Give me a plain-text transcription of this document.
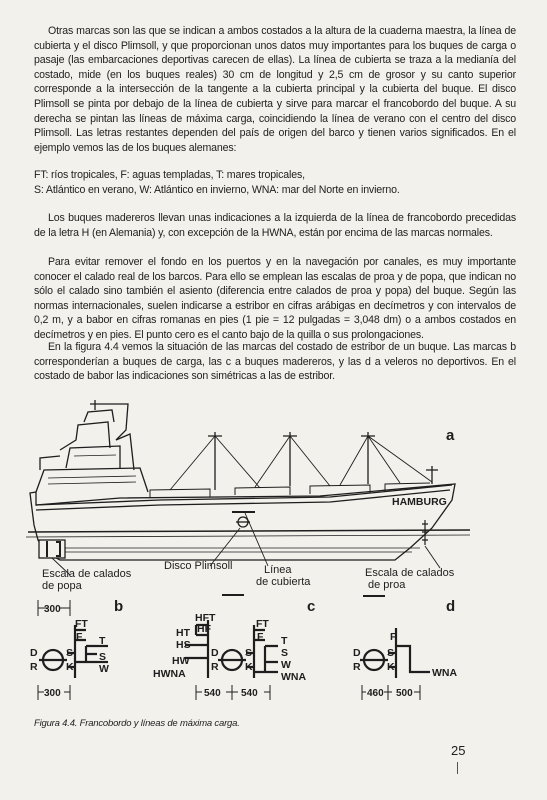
Otras marcas son las que se indican a ambos costados a la altura de la cuaderna maestra, la línea de cubierta y el disco Plimsoll, y que proporcionan unos datos muy importantes para los buques de carga o pasaje (las embarcaciones deportivas carecen de ellas). La línea de cubierta se traza a la medianía del costado, mide (en los buques reales) 30 cm de longitud y 2,5 cm de grosor y su canto superior corresponde a la intersección de la tangente a la cubierta principal y la cubierta del buque. El disco Plimsoll se pinta por debajo de la línea de cubierta y sirve para marcar el francobordo del buque. A su derecha se pintan las líneas de máxima carga, coincidiendo la línea de verano con el centro del disco Plimsoll. Las letras restantes dependen del país de origen del barco y tienen varios significados. En el ejemplo vemos las de los buques alemanes:

FT: ríos tropicales, F: aguas templadas, T: mares tropicales,

S: Atlántico en verano, W: Atlántico en invierno, WNA: mar del Norte en invierno.

Los buques madereros llevan unas indicaciones a la izquierda de la línea de francobordo precedidas de la letra H (en Alemania) y, con excepción de la HWNA, están por encima de las marcas normales.

Para evitar remover el fondo en los puertos y en la navegación por canales, es muy importante conocer el calado real de los barcos. Para ello se emplean las escalas de proa y de popa, que indican no sólo el calado sino también el asiento (diferencia entre calados de proa y popa) del buque. Según las normas internacionales, suelen indicarse a estribor en cifras arábigas en decímetros y con intervalos de 0,2 m, y a babor en cifras romanas en pies (1 pie = 12 pulgadas = 3,048 dm) o a ambos costados en decímetros y en pies. El punto cero es el canto bajo de la quilla o sus prolongaciones.

En la figura 4.4 vemos la situación de las marcas del costado de estribor de un buque. Las marcas b corresponderían a buques de carga, las c a buques madereros, y las d a veleros no deportivos. En el costado de babor las indicaciones son simétricas a las de estribor.

HAMBURG
a
Escala de calados
de popa
Disco Plimsoll	Línea
de cubierta
Escala de calados
de proa
300
300
b
D
R
S
K
FT
F T
S
W
540 540
c
HFT
HF
HT
HS
HW
HWNA
D
R
S
K
FT
F T
S
W
WNA
460 500
d
D
R
S
K
F
WNA
Figura 4.4. Francobordo y líneas de máxima carga.
25
